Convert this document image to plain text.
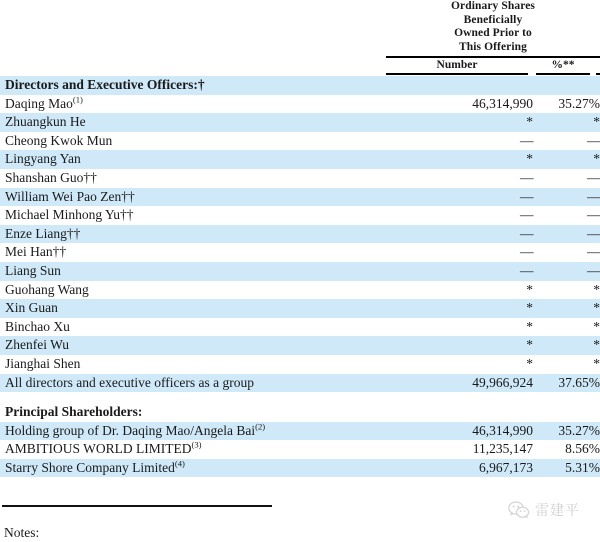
Ordinary Shares
Beneficially
Owned Prior to
This Offering
Number	%**
Directors and Executive Officers:†			
Daqing Mao$^{(1)}$	46,314,990	35.27%	
Zhuangkun He	*	*	
Cheong Kwok Mun	—	—	
Lingyang Yan	*	*	
Shanshan Guo††	—	—	
William Wei Pao Zen††	—	—	
Michael Minhong Yu††	—	—	
Enze Liang††	—	—	
Mei Han††	—	—	
Liang Sun	—	—	
Guohang Wang	*	*	
Xin Guan	*	*	
Binchao Xu	*	*	
Zhenfei Wu	*	*	
Jianghai Shen	*	*	
All directors and executive officers as a group	49,966,924	37.65%	

Principal Shareholders:			
Holding group of Dr. Daqing Mao/Angela Bai$^{(2)}$	46,314,990	35.27%	
AMBITIOUS WORLD LIMITED$^{(3)}$	11,235,147	8.56%	
Starry Shore Company Limited$^{(4)}$	6,967,173	5.31%	
Notes:
雷建平
